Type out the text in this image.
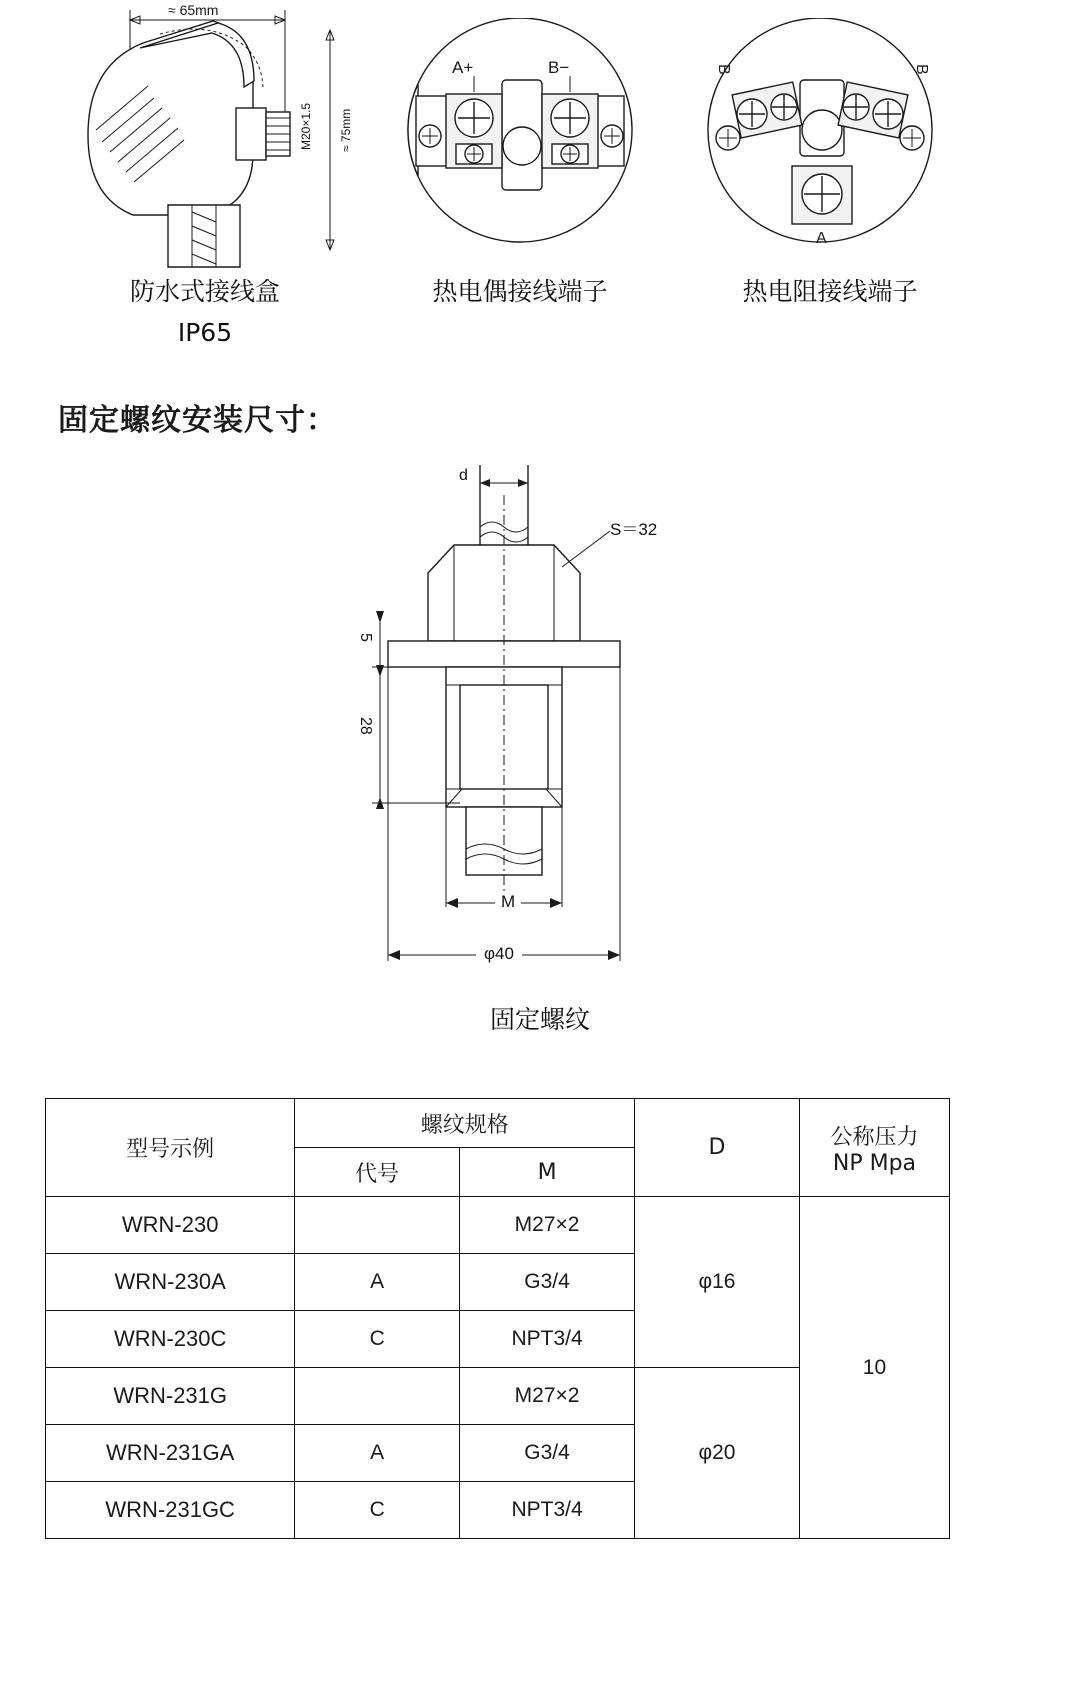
M20×1.5 ≈ 75mm
≈ 65mm
防水式接线盒
IP65
A+	B−
热电偶接线端子
B	B
A
热电阻接线端子
固定螺纹安装尺寸：
d
S＝32
5
28
M
φ40
固定螺纹
型号示例	螺纹规格		D	公称压力
NP Mpa

	代号	M		
WRN-230		M27×2	φ16	10
WRN-230A	A	G3/4		
WRN-230C	C	NPT3/4		
WRN-231G		M27×2	φ20	
WRN-231GA	A	G3/4		
WRN-231GC	C	NPT3/4		
